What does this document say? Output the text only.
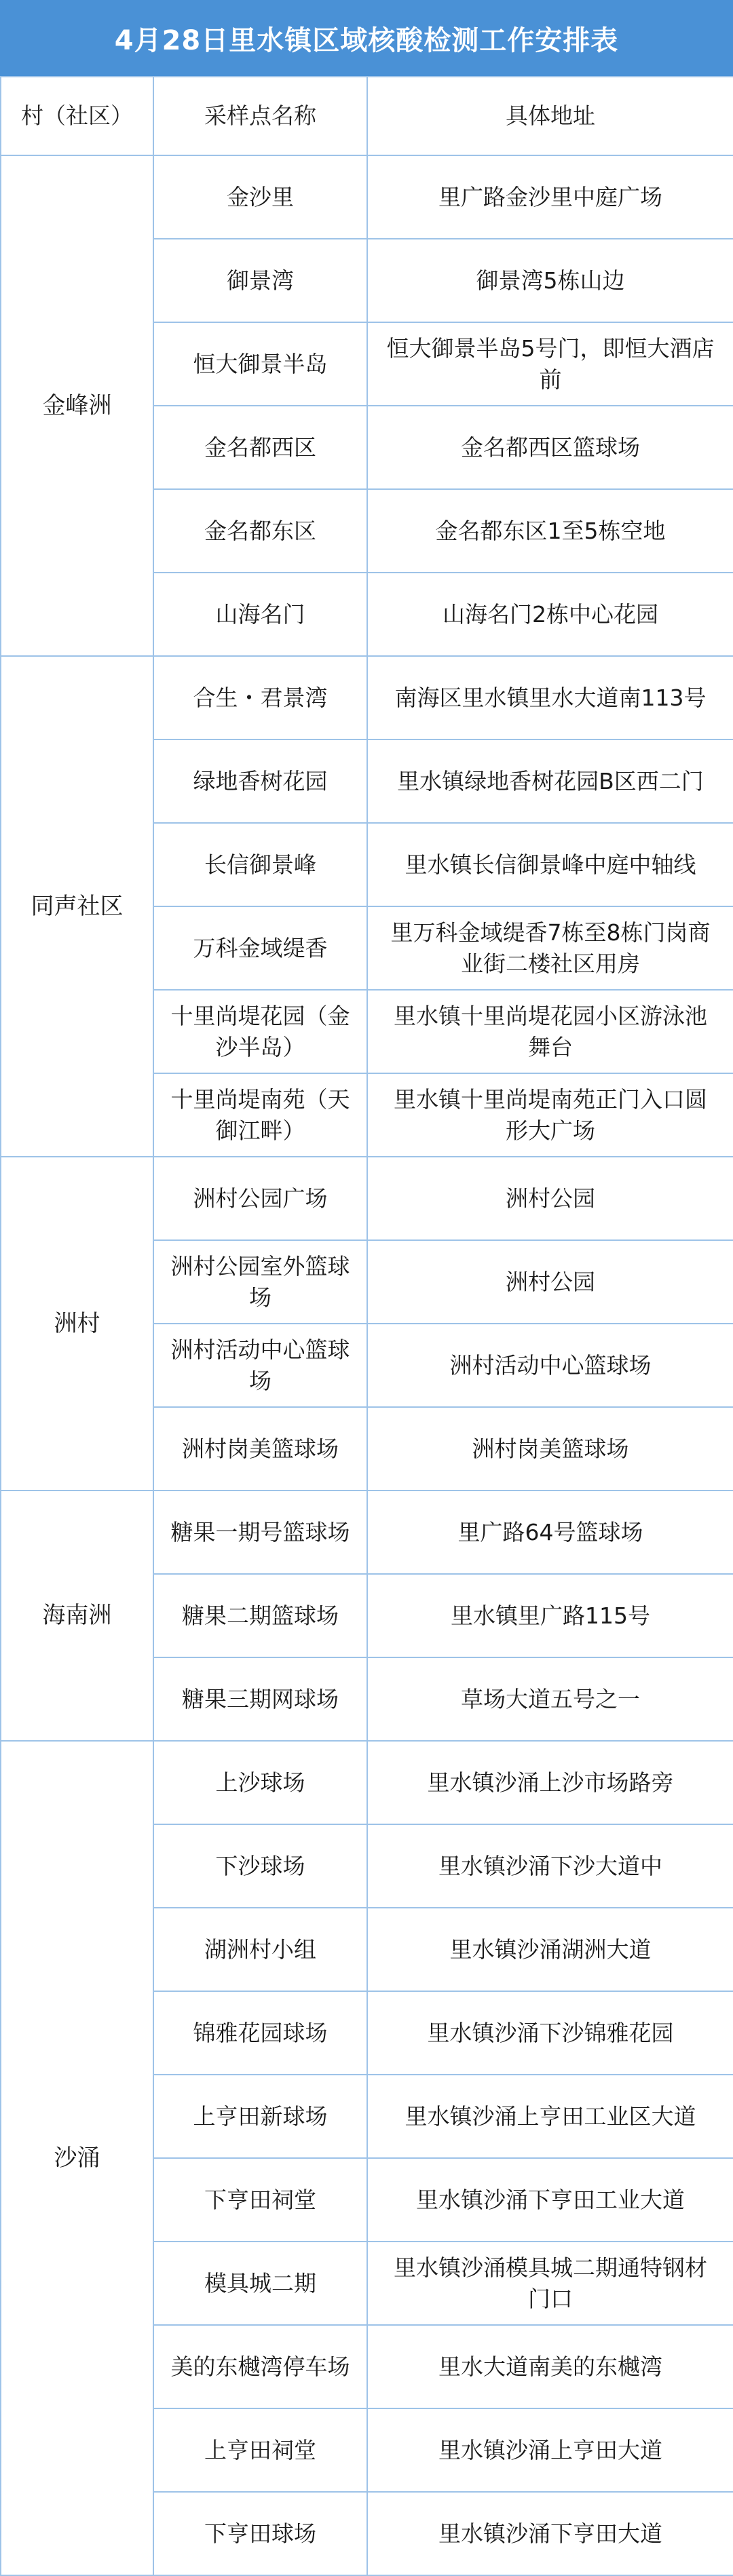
4月28日里水镇区域核酸检测工作安排表
村（社区）	采样点名称	具体地址
金峰洲	金沙里	里广路金沙里中庭广场
	御景湾	御景湾5栋山边
	恒大御景半岛	恒大御景半岛5号门，即恒大酒店前
	金名都西区	金名都西区篮球场
	金名都东区	金名都东区1至5栋空地
	山海名门	山海名门2栋中心花园
同声社区	合生・君景湾	南海区里水镇里水大道南113号
	绿地香树花园	里水镇绿地香树花园B区西二门
	长信御景峰	里水镇长信御景峰中庭中轴线
	万科金域缇香	里万科金域缇香7栋至8栋门岗商业街二楼社区用房
	十里尚堤花园（金沙半岛）	里水镇十里尚堤花园小区游泳池舞台
	十里尚堤南苑（天御江畔）	里水镇十里尚堤南苑正门入口圆形大广场
洲村	洲村公园广场	洲村公园
	洲村公园室外篮球场	洲村公园
	洲村活动中心篮球场	洲村活动中心篮球场
	洲村岗美篮球场	洲村岗美篮球场
海南洲	糖果一期号篮球场	里广路64号篮球场
	糖果二期篮球场	里水镇里广路115号
	糖果三期网球场	草场大道五号之一
沙涌	上沙球场	里水镇沙涌上沙市场路旁
	下沙球场	里水镇沙涌下沙大道中
	湖洲村小组	里水镇沙涌湖洲大道
	锦雅花园球场	里水镇沙涌下沙锦雅花园
	上亨田新球场	里水镇沙涌上亨田工业区大道
	下亨田祠堂	里水镇沙涌下亨田工业大道
	模具城二期	里水镇沙涌模具城二期通特钢材门口
	美的东樾湾停车场	里水大道南美的东樾湾
	上亨田祠堂	里水镇沙涌上亨田大道
	下亨田球场	里水镇沙涌下亨田大道
